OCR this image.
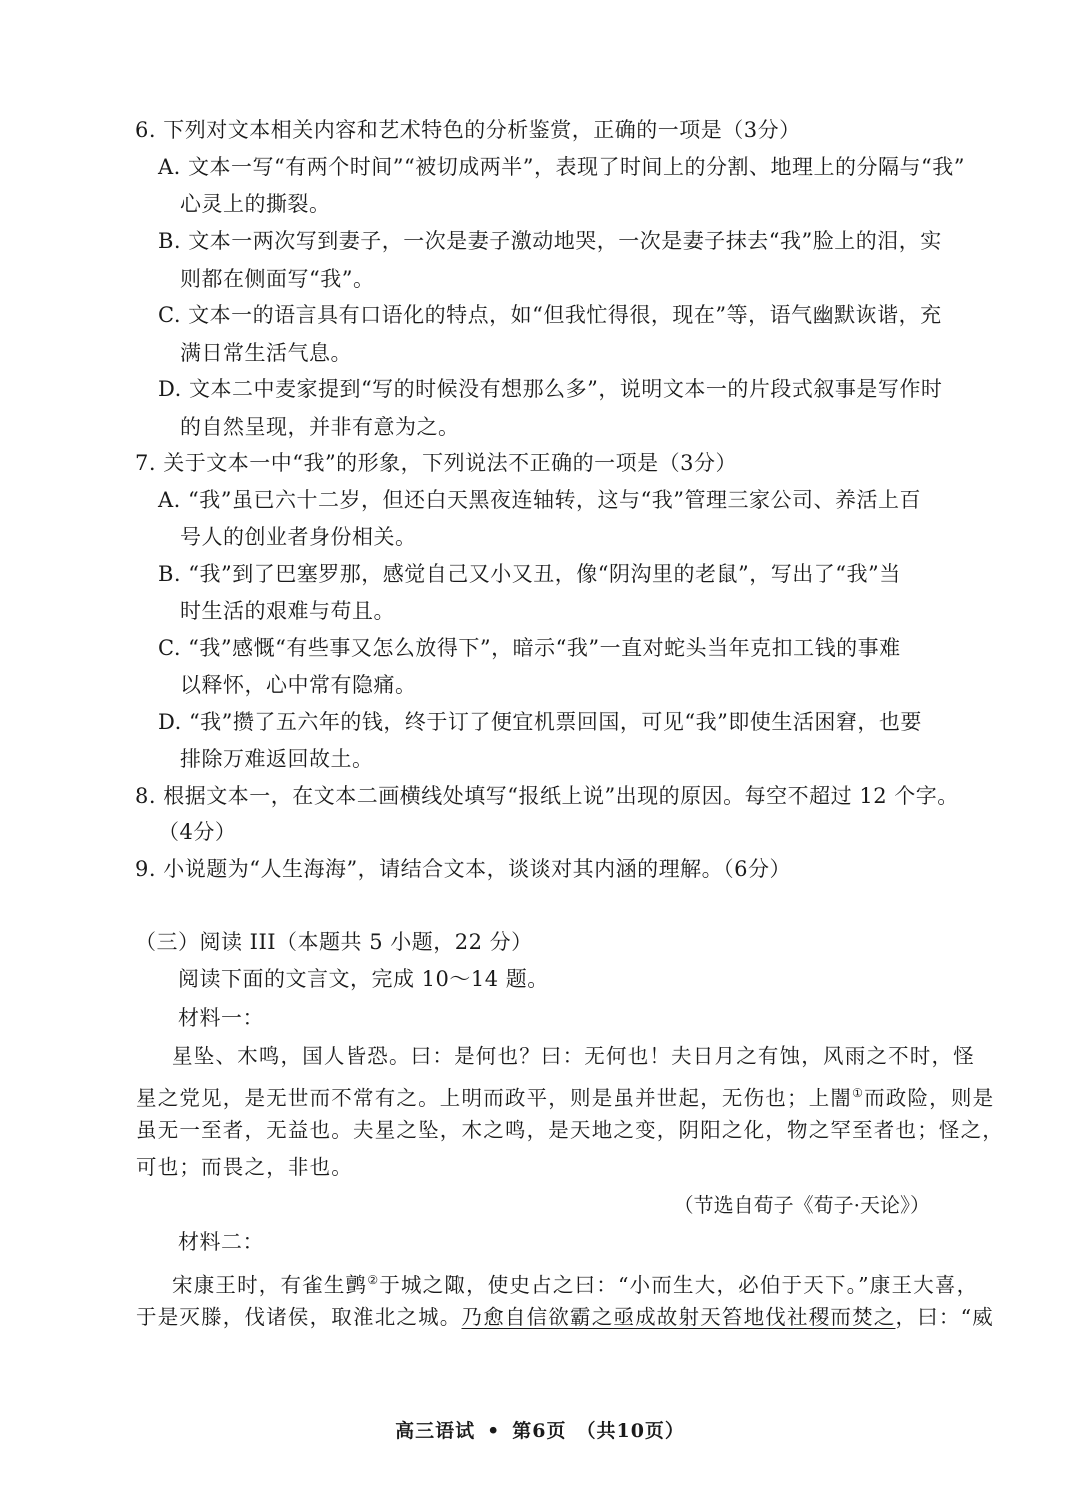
6. 下列对文本相关内容和艺术特色的分析鉴赏，正确的一项是（3分）
A. 文本一写“有两个时间”“被切成两半”，表现了时间上的分割、地理上的分隔与“我”
心灵上的撕裂。
B. 文本一两次写到妻子，一次是妻子激动地哭，一次是妻子抹去“我”脸上的泪，实
则都在侧面写“我”。
C. 文本一的语言具有口语化的特点，如“但我忙得很，现在”等，语气幽默诙谐，充
满日常生活气息。
D. 文本二中麦家提到“写的时候没有想那么多”，说明文本一的片段式叙事是写作时
的自然呈现，并非有意为之。
7. 关于文本一中“我”的形象，下列说法不正确的一项是（3分）
A. “我”虽已六十二岁，但还白天黑夜连轴转，这与“我”管理三家公司、养活上百
号人的创业者身份相关。
B. “我”到了巴塞罗那，感觉自己又小又丑，像“阴沟里的老鼠”，写出了“我”当
时生活的艰难与苟且。
C. “我”感慨“有些事又怎么放得下”，暗示“我”一直对蛇头当年克扣工钱的事难
以释怀，心中常有隐痛。
D. “我”攒了五六年的钱，终于订了便宜机票回国，可见“我”即使生活困窘，也要
排除万难返回故土。
8. 根据文本一，在文本二画横线处填写“报纸上说”出现的原因。每空不超过 12 个字。
（4分）
9. 小说题为“人生海海”，请结合文本，谈谈对其内涵的理解。（6分）
（三）阅读 III（本题共 5 小题，22 分）
阅读下面的文言文，完成 10～14 题。
材料一：
星坠、木鸣，国人皆恐。曰：是何也？曰：无何也！夫日月之有蚀，风雨之不时，怪
星之党见，是无世而不常有之。上明而政平，则是虽并世起，无伤也；上闇①而政险，则是
虽无一至者，无益也。夫星之坠，木之鸣，是天地之变，阴阳之化，物之罕至者也；怪之，
可也；而畏之，非也。
（节选自荀子《荀子·天论》）
材料二：
宋康王时，有雀生鹯②于城之陬，使史占之曰：“小而生大，必伯于天下。”康王大喜，
于是灭滕，伐诸侯，取淮北之城。乃愈自信欲霸之亟成故射天笞地伐社稷而焚之，曰：“威
高三语试 • 第6页 （共10页）
